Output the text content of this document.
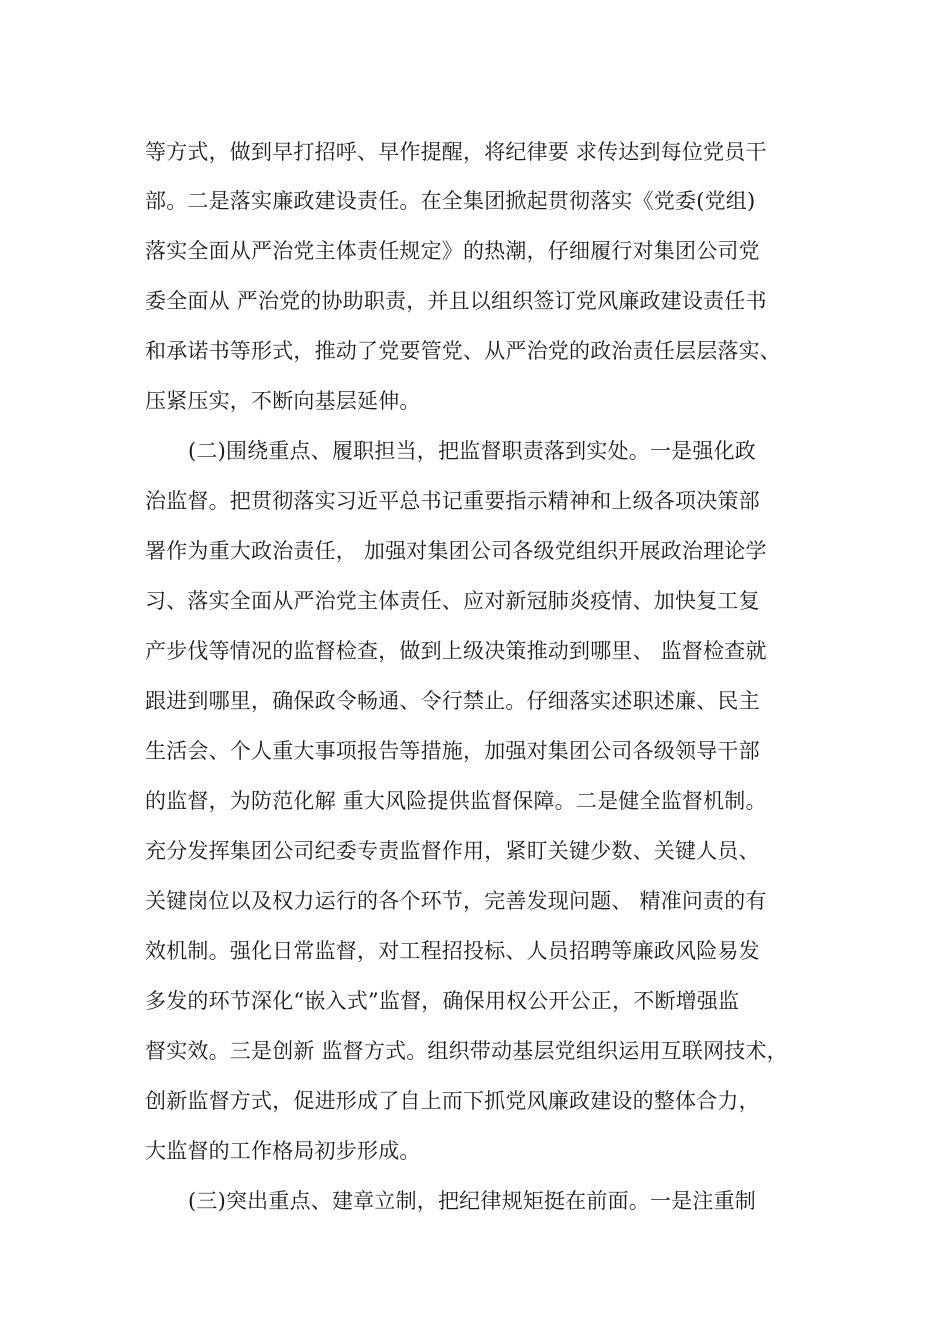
等方式，做到早打招呼、早作提醒，将纪律要 求传达到每位党员干
部。二是落实廉政建设责任。在全集团掀起贯彻落实《党委(党组)
落实全面从严治党主体责任规定》的热潮，仔细履行对集团公司党
委全面从 严治党的协助职责，并且以组织签订党风廉政建设责任书
和承诺书等形式，推动了党要管党、从严治党的政治责任层层落实、
压紧压实，不断向基层延伸。
(二)围绕重点、履职担当，把监督职责落到实处。一是强化政
治监督。把贯彻落实习近平总书记重要指示精神和上级各项决策部
署作为重大政治责任， 加强对集团公司各级党组织开展政治理论学
习、落实全面从严治党主体责任、应对新冠肺炎疫情、加快复工复
产步伐等情况的监督检查，做到上级决策推动到哪里、 监督检查就
跟进到哪里，确保政令畅通、令行禁止。仔细落实述职述廉、民主
生活会、个人重大事项报告等措施，加强对集团公司各级领导干部
的监督，为防范化解 重大风险提供监督保障。二是健全监督机制。
充分发挥集团公司纪委专责监督作用，紧盯关键少数、关键人员、
关键岗位以及权力运行的各个环节，完善发现问题、 精准问责的有
效机制。强化日常监督，对工程招投标、人员招聘等廉政风险易发
多发的环节深化“嵌入式”监督，确保用权公开公正，不断增强监
督实效。三是创新 监督方式。组织带动基层党组织运用互联网技术，
创新监督方式，促进形成了自上而下抓党风廉政建设的整体合力，
大监督的工作格局初步形成。
(三)突出重点、建章立制，把纪律规矩挺在前面。一是注重制
